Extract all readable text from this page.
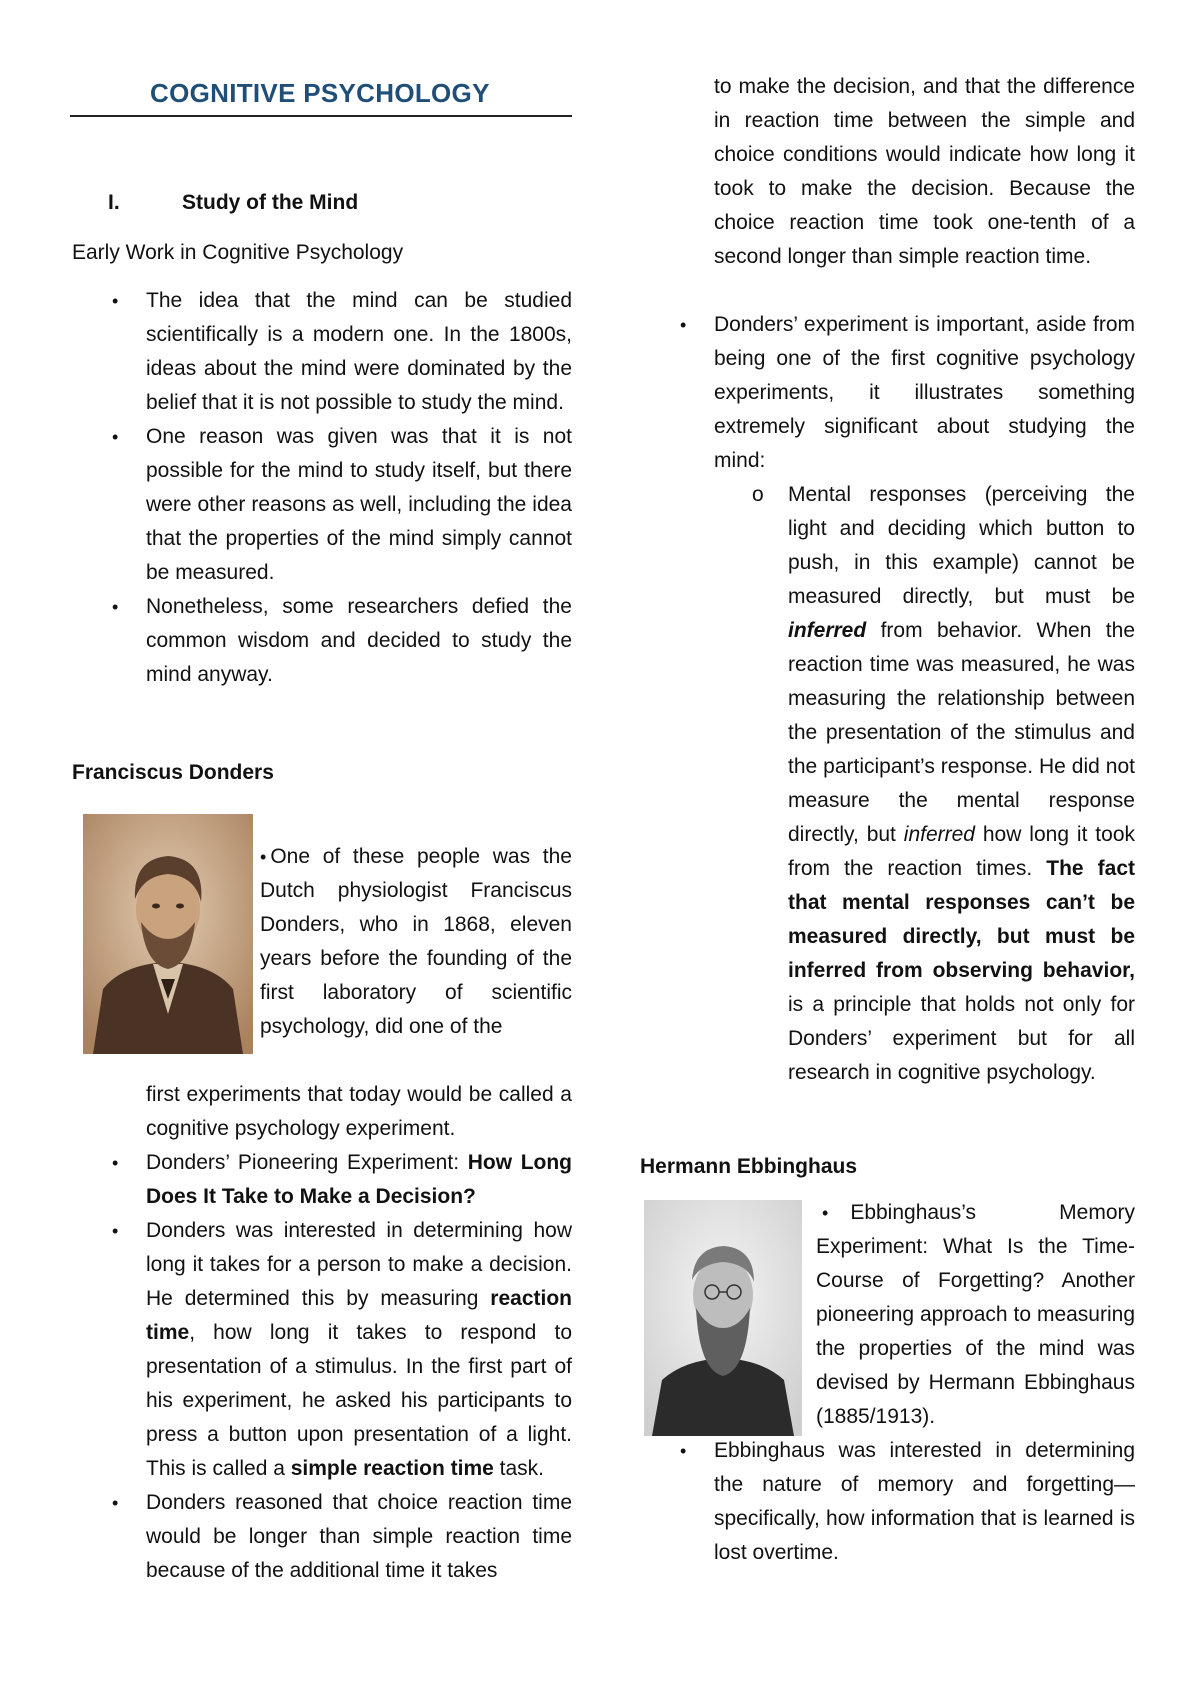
COGNITIVE PSYCHOLOGY
I.	Study of the Mind
Early Work in Cognitive Psychology
• The idea that the mind can be studied scientifically is a modern one. In the 1800s, ideas about the mind were dominated by the belief that it is not possible to study the mind.
• One reason was given was that it is not possible for the mind to study itself, but there were other reasons as well, including the idea that the properties of the mind simply cannot be measured.
• Nonetheless, some researchers defied the common wisdom and decided to study the mind anyway.
Franciscus Donders
• One of these people was the Dutch physiologist Franciscus Donders, who in 1868, eleven years before the founding of the first laboratory of scientific psychology, did one of the
first experiments that today would be called a cognitive psychology experiment.
• Donders’ Pioneering Experiment: How Long Does It Take to Make a Decision?
• Donders was interested in determining how long it takes for a person to make a decision. He determined this by measuring reaction time, how long it takes to respond to presentation of a stimulus. In the first part of his experiment, he asked his participants to press a button upon presentation of a light. This is called a simple reaction time task.
• Donders reasoned that choice reaction time would be longer than simple reaction time because of the additional time it takes
to make the decision, and that the difference in reaction time between the simple and choice conditions would indicate how long it took to make the decision. Because the choice reaction time took one-tenth of a second longer than simple reaction time.
• Donders’ experiment is important, aside from being one of the first cognitive psychology experiments, it illustrates something extremely significant about studying the mind:
o Mental responses (perceiving the light and deciding which button to push, in this example) cannot be measured directly, but must be inferred from behavior. When the reaction time was measured, he was measuring the relationship between the presentation of the stimulus and the participant’s response. He did not measure the mental response directly, but inferred how long it took from the reaction times. The fact that mental responses can’t be measured directly, but must be inferred from observing behavior, is a principle that holds not only for Donders’ experiment but for all research in cognitive psychology.
Hermann Ebbinghaus
• Ebbinghaus’s Memory Experiment: What Is the Time-Course of Forgetting? Another pioneering approach to measuring the properties of the mind was devised by Hermann Ebbinghaus (1885/1913).
• Ebbinghaus was interested in determining the nature of memory and forgetting—specifically, how information that is learned is lost overtime.
